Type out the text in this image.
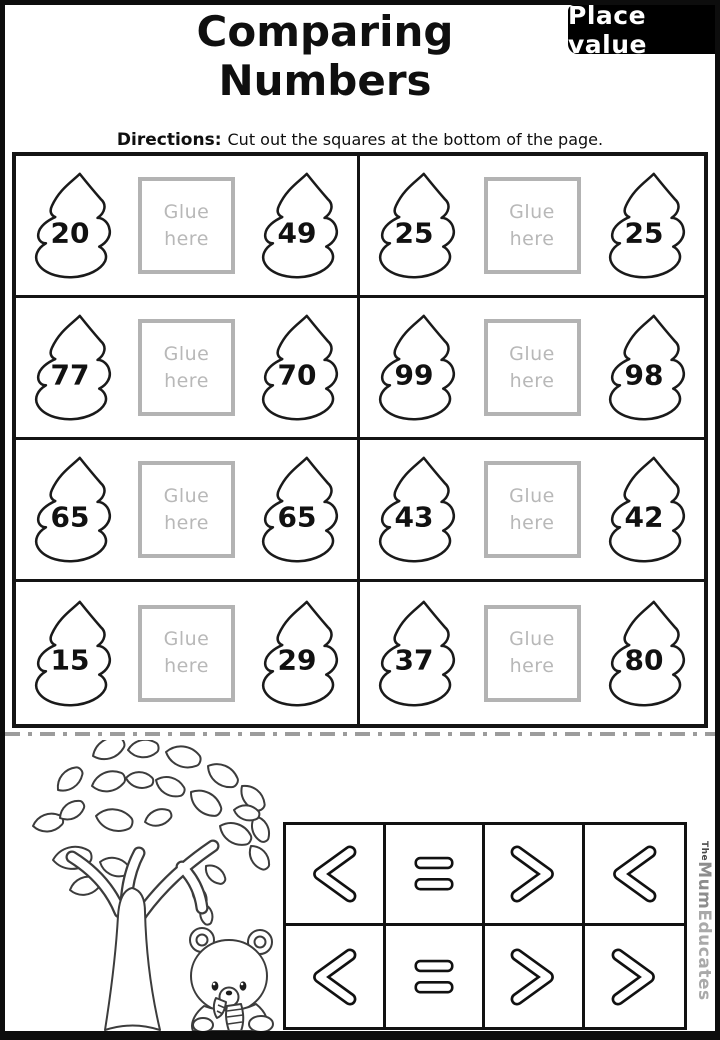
Comparing Numbers
Place value
Directions: Cut out the squares at the bottom of the page.
20
Glue
here	49	25
Glue
here	25
77
Glue
here	70	99
Glue
here	98
65
Glue
here	65	43
Glue
here	42
15
Glue
here	29	37
Glue
here	80
TheMumEducates
